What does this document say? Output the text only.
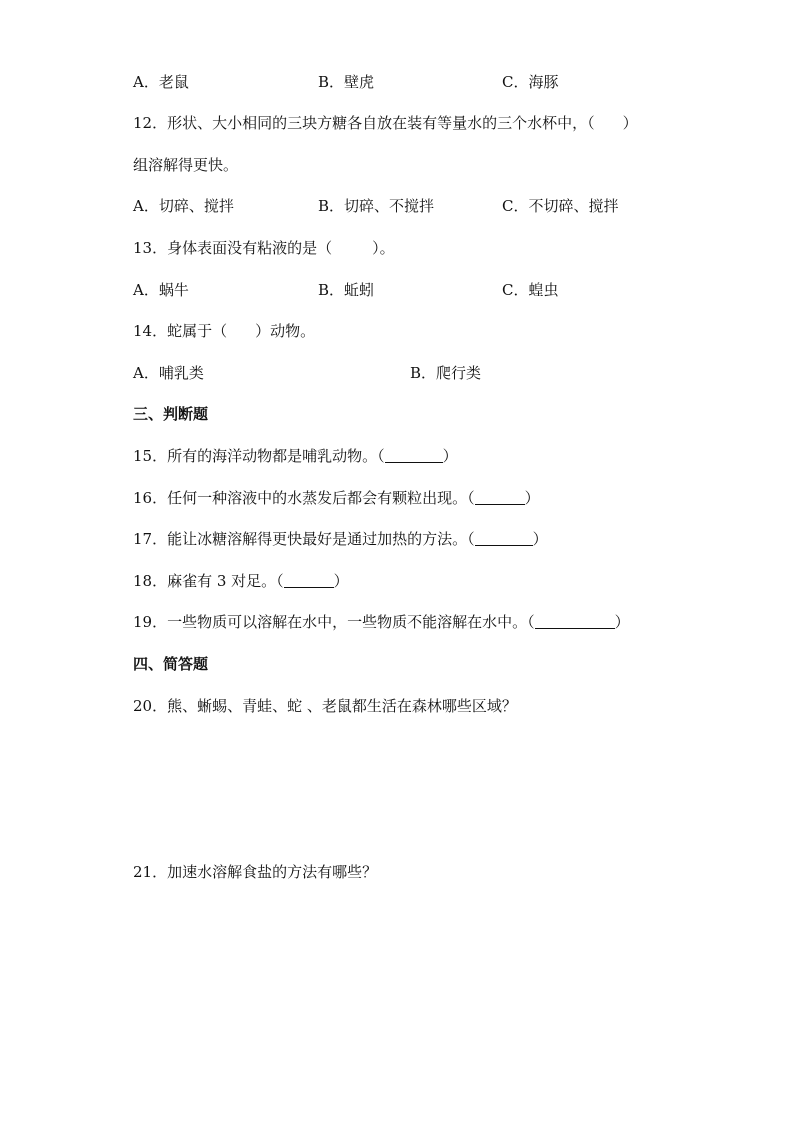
A．老鼠	B．壁虎	C．海豚
12．形状、大小相同的三块方糖各自放在装有等量水的三个水杯中，（ ）
组溶解得更快。
A．切碎、搅拌	B．切碎、不搅拌	C．不切碎、搅拌
13．身体表面没有粘液的是（	）。
A．蜗牛	B．蚯蚓	C．蝗虫
14．蛇属于（ ）动物。
A．哺乳类	B．爬行类
三、判断题
15．所有的海洋动物都是哺乳动物。（	）
16．任何一种溶液中的水蒸发后都会有颗粒出现。（	）
17．能让冰糖溶解得更快最好是通过加热的方法。（	）
18．麻雀有 3 对足。（	）
19．一些物质可以溶解在水中，一些物质不能溶解在水中。（	）
四、简答题
20．熊、蜥蜴、青蛙、蛇 、老鼠都生活在森林哪些区域？
21．加速水溶解食盐的方法有哪些？
